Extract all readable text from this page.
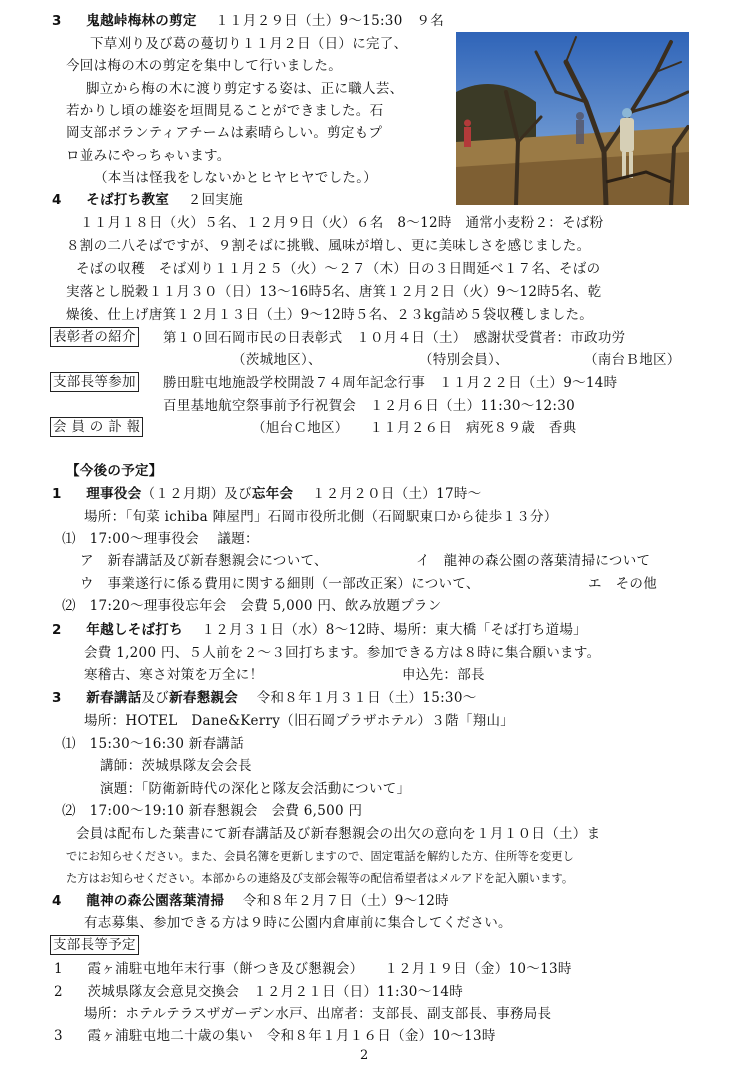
3 鬼越峠梅林の剪定 １１月２９日（土）9～15:30　９名
下草刈り及び葛の蔓切り１１月２日（日）に完了、
今回は梅の木の剪定を集中して行いました。
脚立から梅の木に渡り剪定する姿は、正に職人芸、
若かりし頃の雄姿を垣間見ることができました。石
岡支部ボランティアチームは素晴らしい。剪定もプ
ロ並みにやっちゃいます。
（本当は怪我をしないかとヒヤヒヤでした。）
4 そば打ち教室 ２回実施
１１月１８日（火）５名、１２月９日（火）６名　8～12時　通常小麦粉２：そば粉
８割の二八そばですが、９割そばに挑戦、風味が増し、更に美味しさを感じました。
そばの収穫　そば刈り１１月２５（火）～２７（木）日の３日間延べ１７名、そばの
実落とし脱穀１１月３０（日）13～16時5名、唐箕１２月２日（火）9～12時5名、乾
燥後、仕上げ唐箕１２月１３日（土）9～12時５名、２３kg詰め５袋収穫しました。
表彰者の紹介 第１０回石岡市民の日表彰式　１０月４日（土）　感謝状受賞者：市政功労
（茨城地区）、	（特別会員）、	（南台Ｂ地区）
支部長等参加 勝田駐屯地施設学校開設７４周年記念行事　１１月２２日（土）9～14時
百里基地航空祭事前予行祝賀会　１２月６日（土）11:30～12:30
会 員 の 訃 報	（旭台Ｃ地区）　　１１月２６日　病死８９歳　香典
【今後の予定】
1 理事役会（１２月期）及び忘年会 １２月２０日（土）17時～
場所：「旬菜 ichiba 陣屋門」石岡市役所北側（石岡駅東口から徒歩１３分）
⑴　17:00～理事役会　 議題：
ア　新春講話及び新春懇親会について、	イ　龍神の森公園の落葉清掃について
ウ　事業遂行に係る費用に関する細則（一部改正案）について、	エ　その他
⑵　17:20～理事役忘年会　会費 5,000 円、飲み放題プラン
2 年越しそば打ち １２月３１日（水）8～12時、場所：東大橋「そば打ち道場」
会費 1,200 円、５人前を２～３回打ちます。参加できる方は８時に集合願います。
寒稽古、寒さ対策を万全に！	申込先：部長
3 新春講話及び新春懇親会 令和８年１月３１日（土）15:30～
場所：HOTEL　Dane&Kerry（旧石岡プラザホテル）３階「翔山」
⑴　15:30～16:30 新春講話
講師：茨城県隊友会会長
演題：「防衛新時代の深化と隊友会活動について」
⑵　17:00～19:10 新春懇親会　会費 6,500 円
会員は配布した葉書にて新春講話及び新春懇親会の出欠の意向を１月１０日（土）ま
でにお知らせください。また、会員名簿を更新しますので、固定電話を解約した方、住所等を変更し
た方はお知らせください。本部からの連絡及び支部会報等の配信希望者はメルアドを記入願います。
4 龍神の森公園落葉清掃 令和８年２月７日（土）9～12時
有志募集、参加できる方は９時に公園内倉庫前に集合してください。
支部長等予定
1 霞ヶ浦駐屯地年末行事（餅つき及び懇親会）　　１２月１９日（金）10～13時
2 茨城県隊友会意見交換会　１２月２１日（日）11:30～14時
場所：ホテルテラスザガーデン水戸、出席者：支部長、副支部長、事務局長
3 霞ヶ浦駐屯地二十歳の集い　令和８年１月１６日（金）10～13時
2
